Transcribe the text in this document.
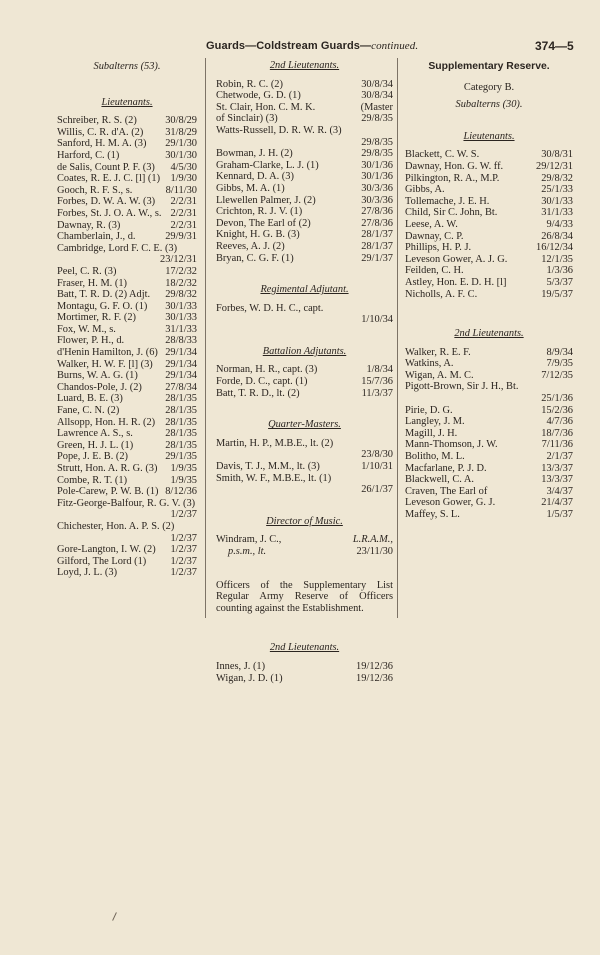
Guards—Coldstream Guards—continued.	374—5
Subalterns (53).
Lieutenants.
Schreiber, R. S. (2)	30/8/29
Willis, C. R. d'A. (2) 31/8/29
Sanford, H. M. A. (3) 29/1/30
Harford, C. (1)	30/1/30
de Salis, Count P. F. (3) 4/5/30
Coates, R. E. J. C. [l] (1) 1/9/30
Gooch, R. F. S., s.	8/11/30
Forbes, D. W. A. W. (3) 2/2/31
Forbes, St. J. O. A. W., s. 2/2/31
Dawnay, R. (3)	2/2/31
Chamberlain, J., d.	29/9/31
Cambridge, Lord F. C. E. (3)
23/12/31
Peel, C. R. (3)	17/2/32
Fraser, H. M. (1)	18/2/32
Batt, T. R. D. (2) Adjt. 29/8/32
Montagu, G. F. O. (1) 30/1/33
Mortimer, R. F. (2)	30/1/33
Fox, W. M., s.	31/1/33
Flower, P. H., d.	28/8/33
d'Henin Hamilton, J. (6) 29/1/34
Walker, H. W. F. [l] (3) 29/1/34
Burns, W. A. G. (1)	29/1/34
Chandos-Pole, J. (2) 27/8/34
Luard, B. E. (3)	28/1/35
Fane, C. N. (2)	28/1/35
Allsopp, Hon. H. R. (2) 28/1/35
Lawrence A. S., s.	28/1/35
Green, H. J. L. (1)	28/1/35
Pope, J. E. B. (2)	29/1/35
Strutt, Hon. A. R. G. (3) 1/9/35
Combe, R. T. (1)	1/9/35
Pole-Carew, P. W. B. (1) 8/12/36
Fitz-George-Balfour, R. G. V. (3)
1/2/37
Chichester, Hon. A. P. S. (2)
1/2/37
Gore-Langton, I. W. (2) 1/2/37
Gilford, The Lord (1) 1/2/37
Loyd, J. L. (3)	1/2/37
2nd Lieutenants.
Robin, R. C. (2)	30/8/34
Chetwode, G. D. (1)	30/8/34
St. Clair, Hon. C. M. K.	(Master
of Sinclair) (3)	29/8/35
Watts-Russell, D. R. W. R. (3)
29/8/35
Bowman, J. H. (2)	29/8/35
Graham-Clarke, L. J. (1)	30/1/36
Kennard, D. A. (3)	30/1/36
Gibbs, M. A. (1)	30/3/36
Llewellen Palmer, J. (2)	30/3/36
Crichton, R. J. V. (1)	27/8/36
Devon, The Earl of (2)	27/8/36
Knight, H. G. B. (3)	28/1/37
Reeves, A. J. (2)	28/1/37
Bryan, C. G. F. (1)	29/1/37
Regimental Adjutant.
Forbes, W. D. H. C., capt.
1/10/34
Battalion Adjutants.
Norman, H. R., capt. (3)	1/8/34
Forde, D. C., capt. (1)	15/7/36
Batt, T. R. D., lt. (2)	11/3/37
Quarter-Masters.
Martin, H. P., M.B.E., lt. (2)
23/8/30
Davis, T. J., M.M., lt. (3)	1/10/31
Smith, W. F., M.B.E., lt. (1)
26/1/37
Director of Music.
Windram, J. C.,	L.R.A.M.,
p.s.m., lt.	23/11/30
Officers of the Supplementary List Regular Army Reserve of Officers counting against the Establishment.
2nd Lieutenants.
Innes, J. (1)	19/12/36
Wigan, J. D. (1)	19/12/36
Supplementary Reserve.
Category B.
Subalterns (30).
Lieutenants.
Blackett, C. W. S.	30/8/31
Dawnay, Hon. G. W. ff.	29/12/31
Pilkington, R. A., M.P.	29/8/32
Gibbs, A.	25/1/33
Tollemache, J. E. H.	30/1/33
Child, Sir C. John, Bt.	31/1/33
Leese, A. W.	9/4/33
Dawnay, C. P.	26/8/34
Phillips, H. P. J.	16/12/34
Leveson Gower, A. J. G.	12/1/35
Feilden, C. H.	1/3/36
Astley, Hon. E. D. H. [l]	5/3/37
Nicholls, A. F. C.	19/5/37
2nd Lieutenants.
Walker, R. E. F.	8/9/34
Watkins, A.	7/9/35
Wigan, A. M. C.	7/12/35
Pigott-Brown, Sir J. H., Bt.
25/1/36
Pirie, D. G.	15/2/36
Langley, J. M.	4/7/36
Magill, J. H.	18/7/36
Mann-Thomson, J. W.	7/11/36
Bolitho, M. L.	2/1/37
Macfarlane, P. J. D.	13/3/37
Blackwell, C. A.	13/3/37
Craven, The Earl of	3/4/37
Leveson Gower, G. J.	21/4/37
Maffey, S. L.	1/5/37
